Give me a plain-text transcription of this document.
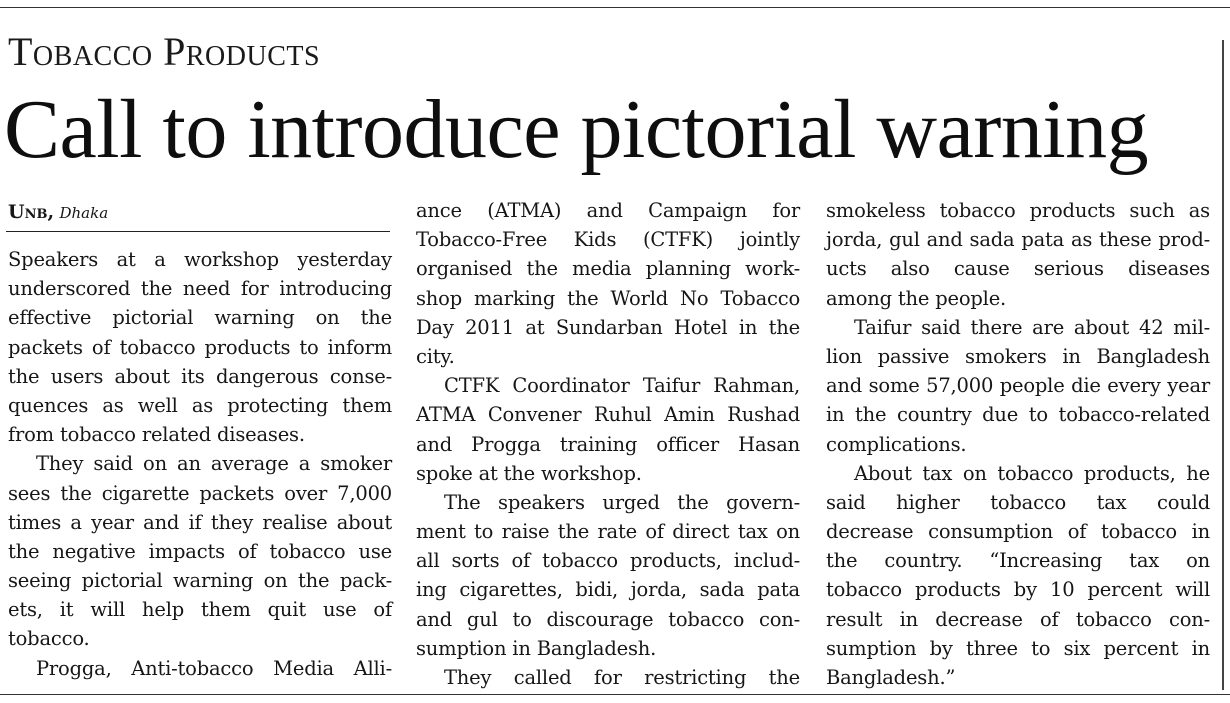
Tobacco Products
Call to introduce pictorial warning
Unb, Dhaka
Speakers at a workshop yesterday
underscored the need for introducing
effective pictorial warning on the
packets of tobacco products to inform
the users about its dangerous conse-
quences as well as protecting them
from tobacco related diseases.
They said on an average a smoker
sees the cigarette packets over 7,000
times a year and if they realise about
the negative impacts of tobacco use
seeing pictorial warning on the pack-
ets, it will help them quit use of
tobacco.
Progga, Anti-tobacco Media Alli-
ance (ATMA) and Campaign for
Tobacco-Free Kids (CTFK) jointly
organised the media planning work-
shop marking the World No Tobacco
Day 2011 at Sundarban Hotel in the
city.
CTFK Coordinator Taifur Rahman,
ATMA Convener Ruhul Amin Rushad
and Progga training officer Hasan
spoke at the workshop.
The speakers urged the govern-
ment to raise the rate of direct tax on
all sorts of tobacco products, includ-
ing cigarettes, bidi, jorda, sada pata
and gul to discourage tobacco con-
sumption in Bangladesh.
They called for restricting the
smokeless tobacco products such as
jorda, gul and sada pata as these prod-
ucts also cause serious diseases
among the people.
Taifur said there are about 42 mil-
lion passive smokers in Bangladesh
and some 57,000 people die every year
in the country due to tobacco-related
complications.
About tax on tobacco products, he
said higher tobacco tax could
decrease consumption of tobacco in
the country. “Increasing tax on
tobacco products by 10 percent will
result in decrease of tobacco con-
sumption by three to six percent in
Bangladesh.”
